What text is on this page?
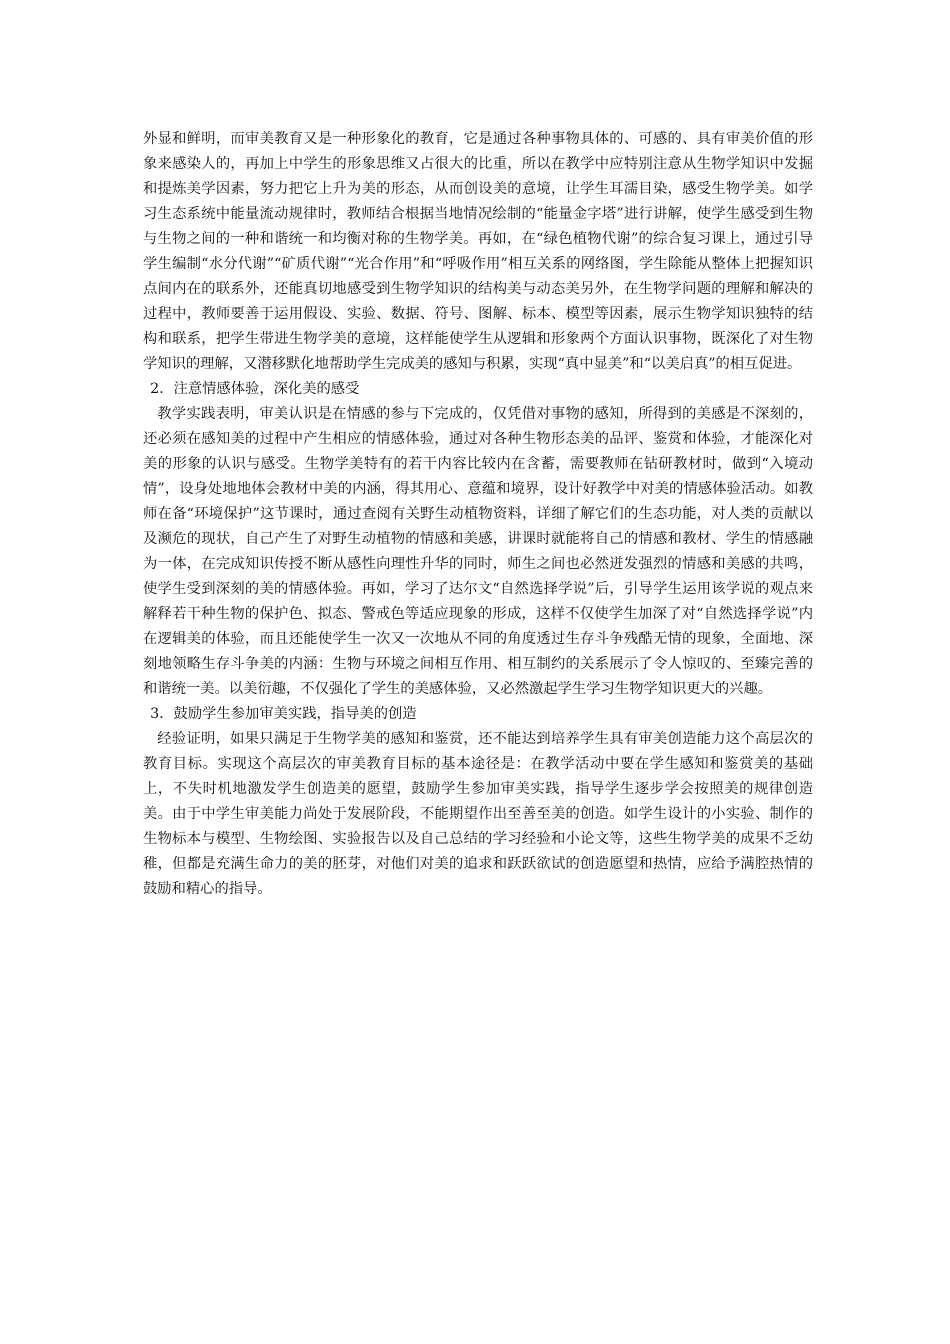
外显和鲜明，而审美教育又是一种形象化的教育，它是通过各种事物具体的、可感的、具有审美价值的形象来感染人的，再加上中学生的形象思维又占很大的比重，所以在教学中应特别注意从生物学知识中发掘和提炼美学因素，努力把它上升为美的形态，从而创设美的意境，让学生耳濡目染，感受生物学美。如学习生态系统中能量流动规律时，教师结合根据当地情况绘制的“能量金字塔”进行讲解，使学生感受到生物与生物之间的一种和谐统一和均衡对称的生物学美。再如，在“绿色植物代谢”的综合复习课上，通过引导学生编制“水分代谢”“矿质代谢”“光合作用”和“呼吸作用”相互关系的网络图，学生除能从整体上把握知识点间内在的联系外，还能真切地感受到生物学知识的结构美与动态美另外，在生物学问题的理解和解决的过程中，教师要善于运用假设、实验、数据、符号、图解、标本、模型等因素，展示生物学知识独特的结构和联系，把学生带进生物学美的意境，这样能使学生从逻辑和形象两个方面认识事物，既深化了对生物学知识的理解，又潜移默化地帮助学生完成美的感知与积累，实现“真中显美”和“以美启真”的相互促进。

2．注意情感体验，深化美的感受

教学实践表明，审美认识是在情感的参与下完成的，仅凭借对事物的感知，所得到的美感是不深刻的，还必须在感知美的过程中产生相应的情感体验，通过对各种生物形态美的品评、鉴赏和体验，才能深化对美的形象的认识与感受。生物学美特有的若干内容比较内在含蓄，需要教师在钻研教材时，做到“入境动情”，设身处地地体会教材中美的内涵，得其用心、意蕴和境界，设计好教学中对美的情感体验活动。如教师在备“环境保护”这节课时，通过查阅有关野生动植物资料，详细了解它们的生态功能，对人类的贡献以及濒危的现状，自己产生了对野生动植物的情感和美感，讲课时就能将自己的情感和教材、学生的情感融为一体，在完成知识传授不断从感性向理性升华的同时，师生之间也必然迸发强烈的情感和美感的共鸣，使学生受到深刻的美的情感体验。再如，学习了达尔文“自然选择学说”后，引导学生运用该学说的观点来解释若干种生物的保护色、拟态、警戒色等适应现象的形成，这样不仅使学生加深了对“自然选择学说”内在逻辑美的体验，而且还能使学生一次又一次地从不同的角度透过生存斗争残酷无情的现象，全面地、深刻地领略生存斗争美的内涵：生物与环境之间相互作用、相互制约的关系展示了令人惊叹的、至臻完善的和谐统一美。以美衍趣，不仅强化了学生的美感体验，又必然激起学生学习生物学知识更大的兴趣。

3．鼓励学生参加审美实践，指导美的创造

经验证明，如果只满足于生物学美的感知和鉴赏，还不能达到培养学生具有审美创造能力这个高层次的教育目标。实现这个高层次的审美教育目标的基本途径是：在教学活动中要在学生感知和鉴赏美的基础上，不失时机地激发学生创造美的愿望，鼓励学生参加审美实践，指导学生逐步学会按照美的规律创造美。由于中学生审美能力尚处于发展阶段，不能期望作出至善至美的创造。如学生设计的小实验、制作的生物标本与模型、生物绘图、实验报告以及自己总结的学习经验和小论文等，这些生物学美的成果不乏幼稚，但都是充满生命力的美的胚芽，对他们对美的追求和跃跃欲试的创造愿望和热情，应给予满腔热情的鼓励和精心的指导。
